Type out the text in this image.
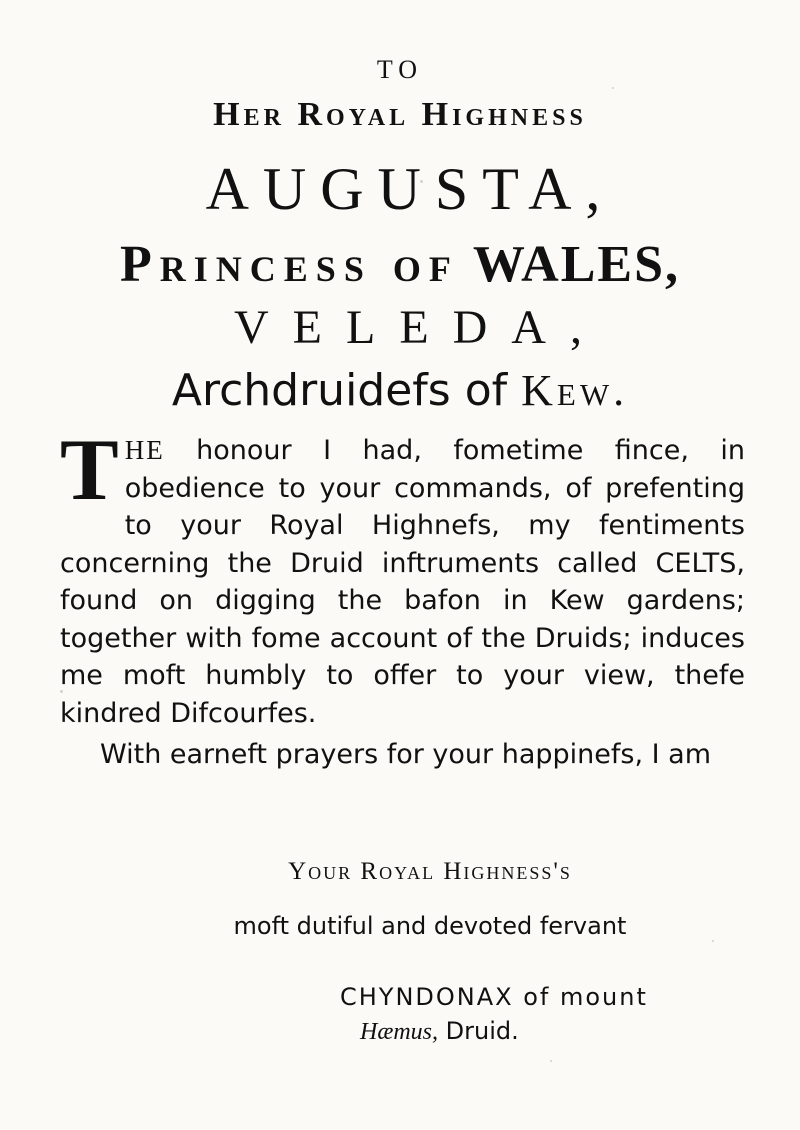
TO
Her Royal Highness
AUGUSTA,
Princess of WALES,
VELEDA,
Archdruidefs of Kew.
THE honour I had, fometime fince, in obedience to your commands, of prefenting to your Royal Highnefs, my fentiments concerning the Druid inftruments called CELTS, found on digging the bafon in Kew gardens; together with fome account of the Druids; induces me moft humbly to offer to your view, thefe kindred Difcourfes.
With earneft prayers for your happinefs, I am
Your Royal Highness's
moft dutiful and devoted fervant
CHYNDONAX of mount
Hæmus, Druid.
